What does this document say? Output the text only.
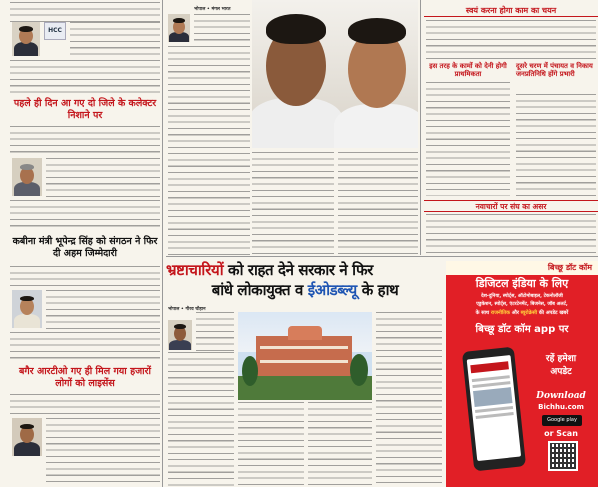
HCC
पहले ही दिन आ गए दो जिले के कलेक्टर निशाने पर
कबीना मंत्री भूपेन्द्र सिंह को संगठन ने फिर दी अहम जिम्मेदारी
बगैर आरटीओ गए ही मिल गया हजारों लोगों को लाइसेंस
भोपाल • मंगल भारत	स्वयं करना होगा काम का चयन
इस तरह के कामों को देनी होगी प्राथमिकता
दूसरे चरण में पंचायत व निकाय जनप्रतिनिधि होंगे प्रभारी
नवाचारों पर संघ का असर
भ्रष्टाचारियों को राहत देने सरकार ने फिर
बांधे लोकायुक्त व ईओडब्ल्यू के हाथ
भोपाल • गौरव चौहान
बिच्छू डॉट कॉम
डिजिटल इंडिया के लिए
देश-दुनिया, स्पोर्ट्स, ऑटोमोबाइल, टेकनोलॉजी
एडुकेशन, स्पोर्ट्स, एंटरटेनमेंट, बिजनेस, जॉब अलर्ट,
के साथ राजनीतिक और ब्यूरोक्रेसी की अपडेट खबरें
बिच्छू डॉट कॉम app पर
रहें हमेशा
अपडेट
Download
Bichhu.com
Google play
or Scan
